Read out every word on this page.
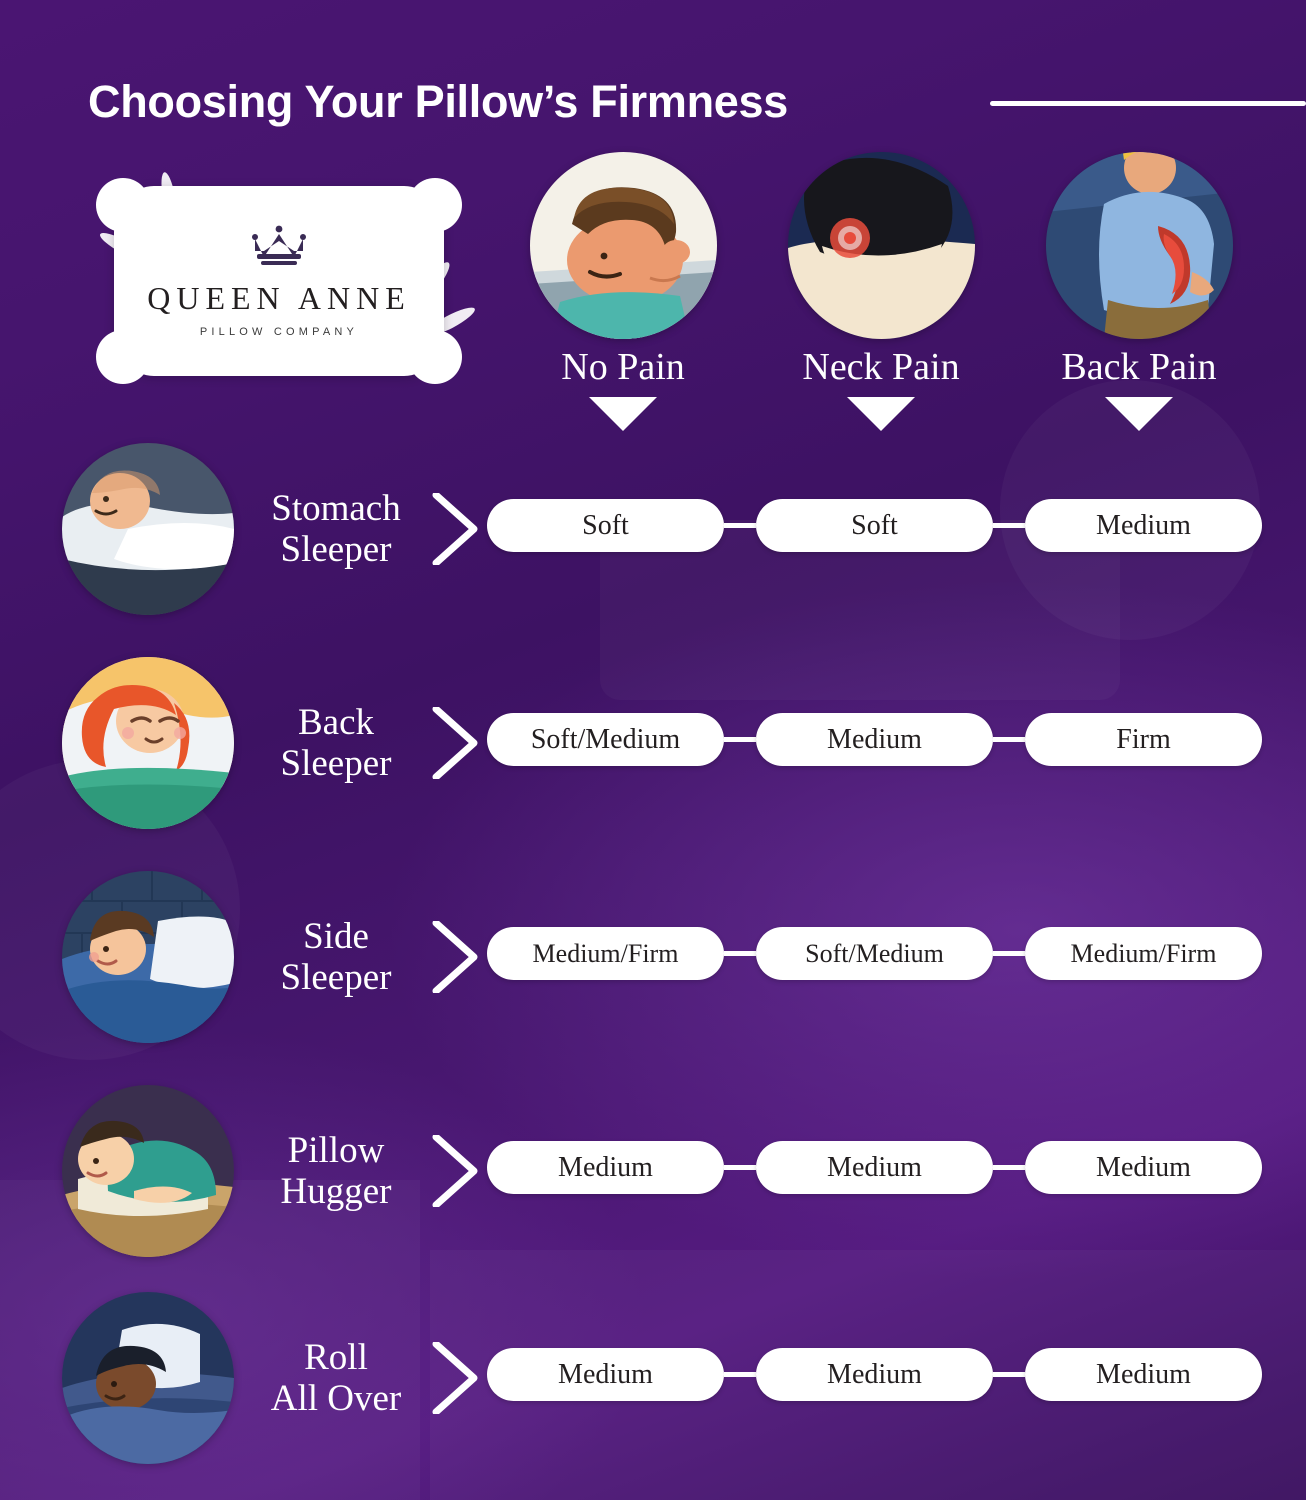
Choosing Your Pillow’s Firmness
QUEEN ANNE
PILLOW COMPANY
No Pain	Neck Pain	Back Pain
Stomach
Sleeper
Soft	Soft	Medium
Back
Sleeper
Soft/Medium	Medium	Firm
Side
Sleeper
Medium/Firm	Soft/Medium	Medium/Firm
Pillow
Hugger
Medium	Medium	Medium
Roll
All Over
Medium	Medium	Medium
